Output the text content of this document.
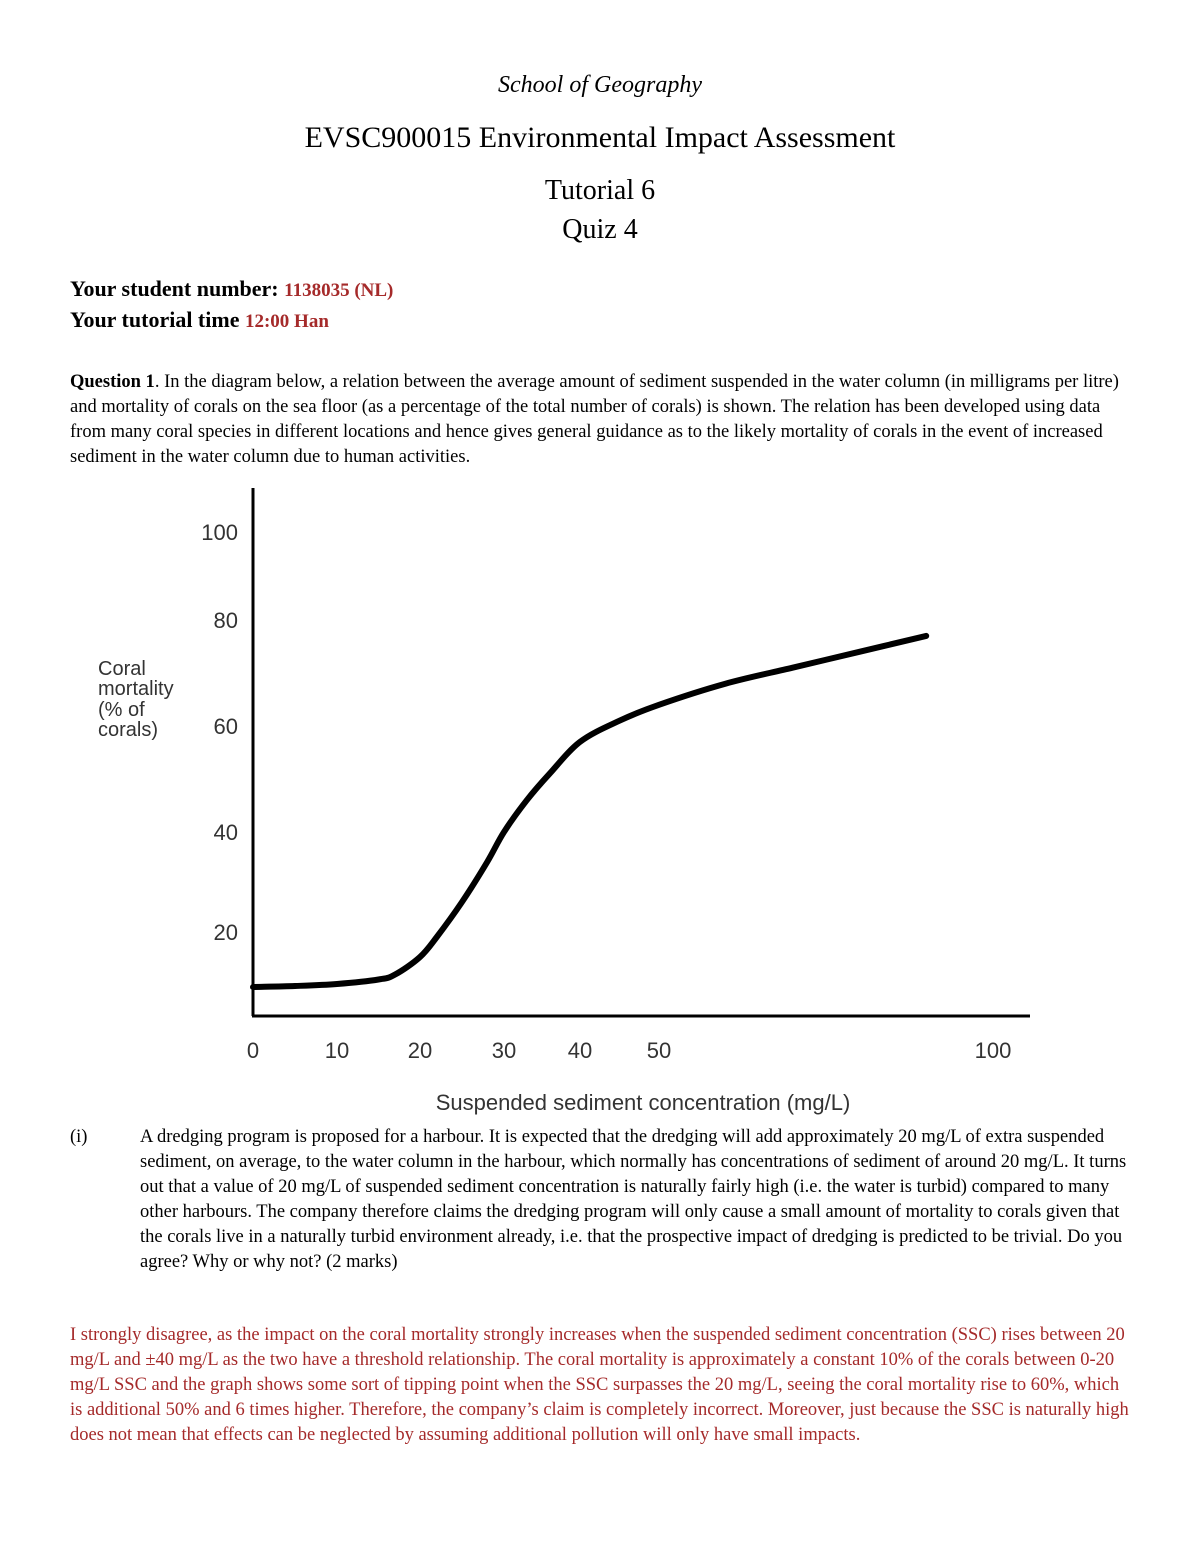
School of Geography
EVSC900015 Environmental Impact Assessment
Tutorial 6
Quiz 4
Your student number: 1138035 (NL)
Your tutorial time 12:00 Han
Question 1. In the diagram below, a relation between the average amount of sediment suspended in the water column (in milligrams per litre) and mortality of corals on the sea floor (as a percentage of the total number of corals) is shown. The relation has been developed using data from many coral species in different locations and hence gives general guidance as to the likely mortality of corals in the event of increased sediment in the water column due to human activities.
Coral
mortality
(% of
corals)
100
80
60
40
20
0	10	20	30 40 50	100
Suspended sediment concentration (mg/L)
(i)	A dredging program is proposed for a harbour. It is expected that the dredging will add approximately 20 mg/L of extra suspended sediment, on average, to the water column in the harbour, which normally has concentrations of sediment of around 20 mg/L. It turns out that a value of 20 mg/L of suspended sediment concentration is naturally fairly high (i.e. the water is turbid) compared to many other harbours. The company therefore claims the dredging program will only cause a small amount of mortality to corals given that the corals live in a naturally turbid environment already, i.e. that the prospective impact of dredging is predicted to be trivial. Do you agree? Why or why not? (2 marks)
I strongly disagree, as the impact on the coral mortality strongly increases when the suspended sediment concentration (SSC) rises between 20 mg/L and ±40 mg/L as the two have a threshold relationship. The coral mortality is approximately a constant 10% of the corals between 0-20 mg/L SSC and the graph shows some sort of tipping point when the SSC surpasses the 20 mg/L, seeing the coral mortality rise to 60%, which is additional 50% and 6 times higher. Therefore, the company’s claim is completely incorrect. Moreover, just because the SSC is naturally high does not mean that effects can be neglected by assuming additional pollution will only have small impacts.
